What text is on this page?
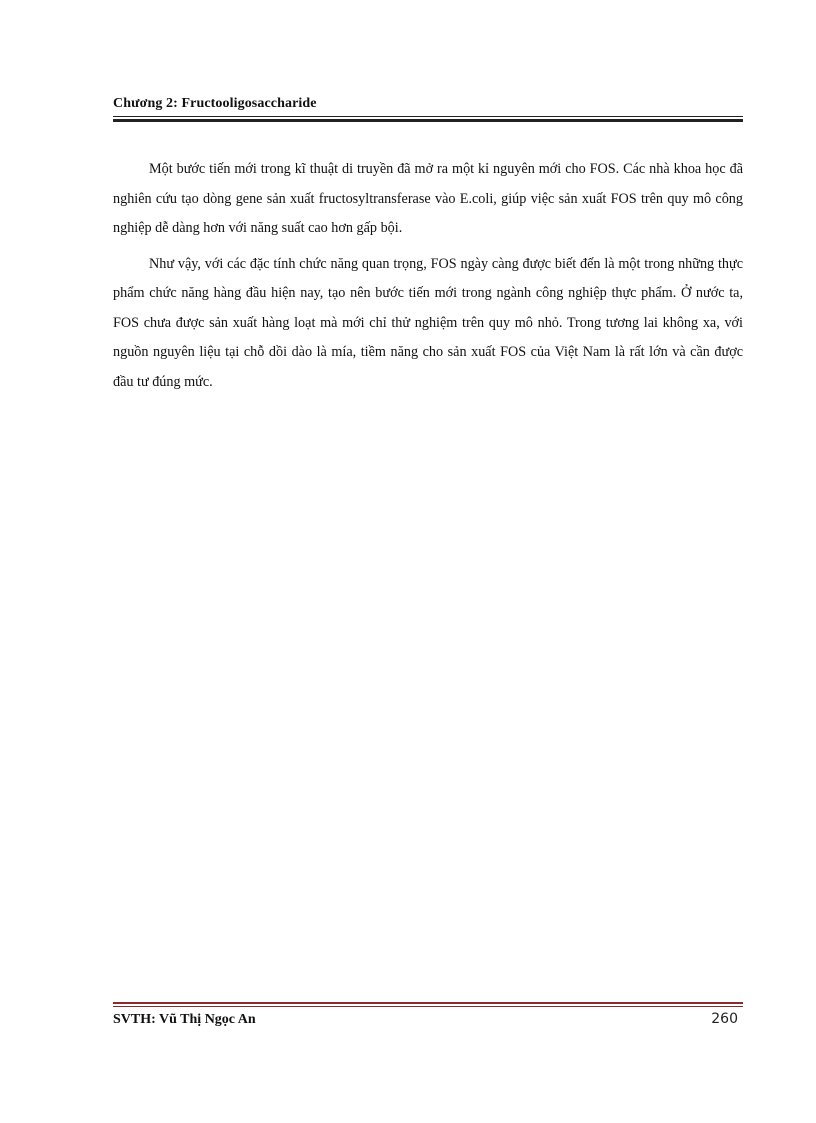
Chương 2: Fructooligosaccharide

Một bước tiến mới trong kĩ thuật di truyền đã mở ra một kỉ nguyên mới cho FOS. Các nhà khoa học đã nghiên cứu tạo dòng gene sản xuất fructosyltransferase vào E.coli, giúp việc sản xuất FOS trên quy mô công nghiệp dễ dàng hơn với năng suất cao hơn gấp bội.

Như vậy, với các đặc tính chức năng quan trọng, FOS ngày càng được biết đến là một trong những thực phẩm chức năng hàng đầu hiện nay, tạo nên bước tiến mới trong ngành công nghiệp thực phẩm. Ở nước ta, FOS chưa được sản xuất hàng loạt mà mới chỉ thử nghiệm trên quy mô nhỏ. Trong tương lai không xa, với nguồn nguyên liệu tại chỗ dồi dào là mía, tiềm năng cho sản xuất FOS của Việt Nam là rất lớn và cần được đầu tư đúng mức.

SVTH: Vũ Thị Ngọc An	260
